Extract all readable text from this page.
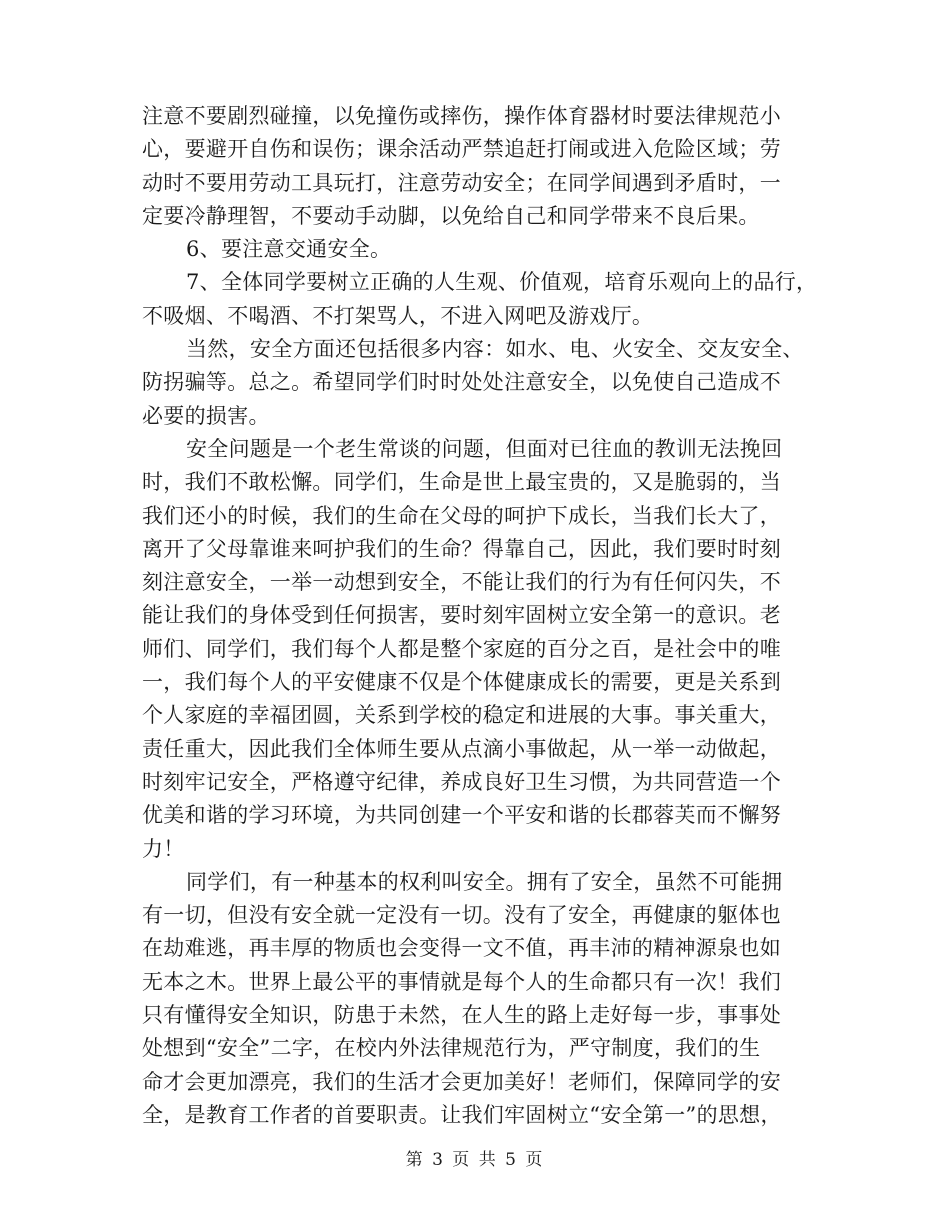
注意不要剧烈碰撞，以免撞伤或摔伤，操作体育器材时要法律规范小
心，要避开自伤和误伤；课余活动严禁追赶打闹或进入危险区域；劳
动时不要用劳动工具玩打，注意劳动安全；在同学间遇到矛盾时，一
定要冷静理智，不要动手动脚，以免给自己和同学带来不良后果。
6、要注意交通安全。
7、全体同学要树立正确的人生观、价值观，培育乐观向上的品行，
不吸烟、不喝酒、不打架骂人，不进入网吧及游戏厅。
当然，安全方面还包括很多内容：如水、电、火安全、交友安全、
防拐骗等。总之。希望同学们时时处处注意安全，以免使自己造成不
必要的损害。
安全问题是一个老生常谈的问题，但面对已往血的教训无法挽回
时，我们不敢松懈。同学们，生命是世上最宝贵的，又是脆弱的，当
我们还小的时候，我们的生命在父母的呵护下成长，当我们长大了，
离开了父母靠谁来呵护我们的生命？得靠自己，因此，我们要时时刻
刻注意安全，一举一动想到安全，不能让我们的行为有任何闪失，不
能让我们的身体受到任何损害，要时刻牢固树立安全第一的意识。老
师们、同学们，我们每个人都是整个家庭的百分之百，是社会中的唯
一，我们每个人的平安健康不仅是个体健康成长的需要，更是关系到
个人家庭的幸福团圆，关系到学校的稳定和进展的大事。事关重大，
责任重大，因此我们全体师生要从点滴小事做起，从一举一动做起，
时刻牢记安全，严格遵守纪律，养成良好卫生习惯，为共同营造一个
优美和谐的学习环境，为共同创建一个平安和谐的长郡蓉芙而不懈努
力！
同学们，有一种基本的权利叫安全。拥有了安全，虽然不可能拥
有一切，但没有安全就一定没有一切。没有了安全，再健康的躯体也
在劫难逃，再丰厚的物质也会变得一文不值，再丰沛的精神源泉也如
无本之木。世界上最公平的事情就是每个人的生命都只有一次！我们
只有懂得安全知识，防患于未然，在人生的路上走好每一步，事事处
处想到“安全”二字，在校内外法律规范行为，严守制度，我们的生
命才会更加漂亮，我们的生活才会更加美好！老师们，保障同学的安
全，是教育工作者的首要职责。让我们牢固树立“安全第一”的思想，
第 3 页 共 5 页
